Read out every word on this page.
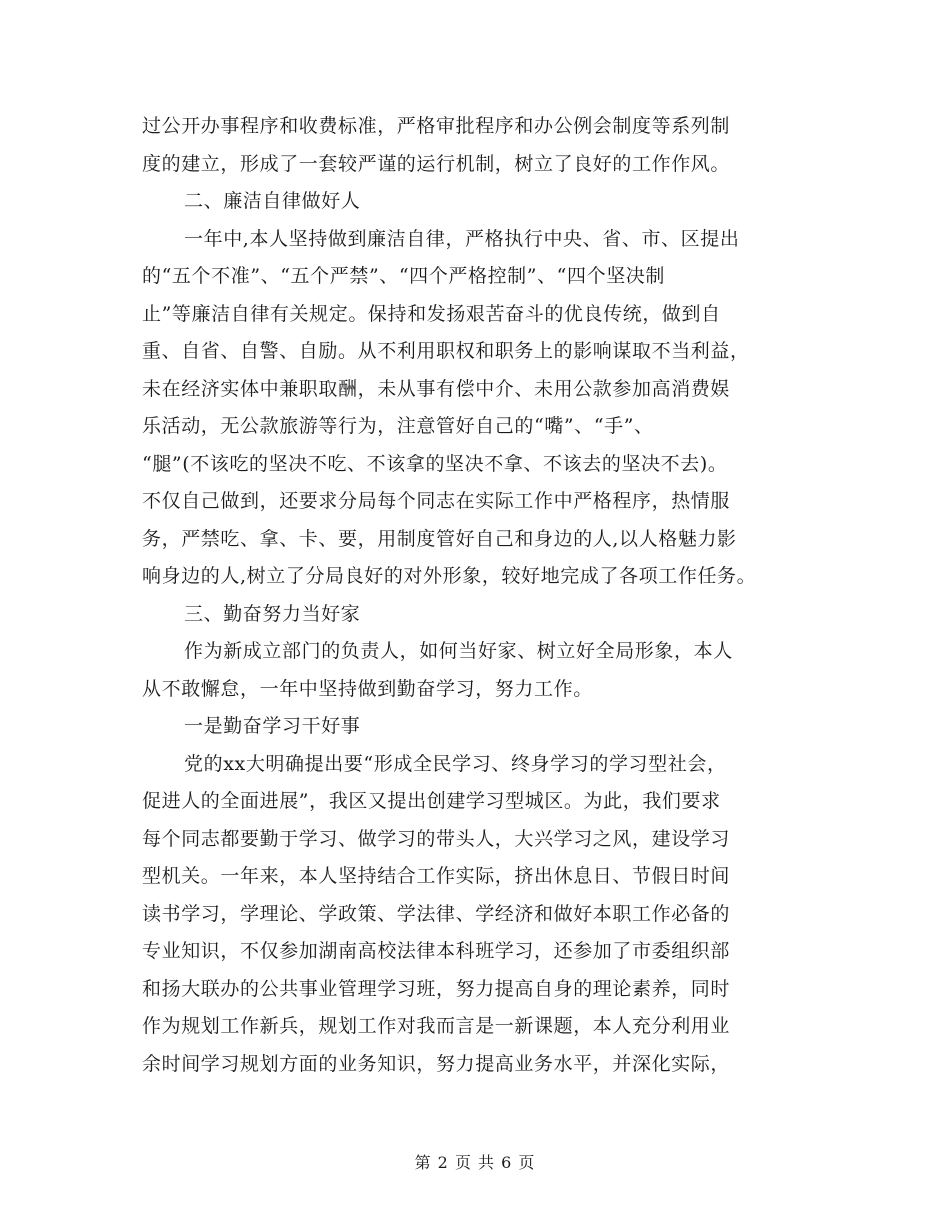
过公开办事程序和收费标准，严格审批程序和办公例会制度等系列制
度的建立，形成了一套较严谨的运行机制，树立了良好的工作作风。
二、廉洁自律做好人
一年中,本人坚持做到廉洁自律，严格执行中央、省、市、区提出
的“五个不准”、“五个严禁”、“四个严格控制”、“四个坚决制
止”等廉洁自律有关规定。保持和发扬艰苦奋斗的优良传统，做到自
重、自省、自警、自励。从不利用职权和职务上的影响谋取不当利益，
未在经济实体中兼职取酬，未从事有偿中介、未用公款参加高消费娱
乐活动，无公款旅游等行为，注意管好自己的“嘴”、“手”、
“腿”(不该吃的坚决不吃、不该拿的坚决不拿、不该去的坚决不去)。
不仅自己做到，还要求分局每个同志在实际工作中严格程序，热情服
务，严禁吃、拿、卡、要，用制度管好自己和身边的人,以人格魅力影
响身边的人,树立了分局良好的对外形象，较好地完成了各项工作任务。
三、勤奋努力当好家
作为新成立部门的负责人，如何当好家、树立好全局形象，本人
从不敢懈怠，一年中坚持做到勤奋学习，努力工作。
一是勤奋学习干好事
党的xx大明确提出要“形成全民学习、终身学习的学习型社会，
促进人的全面进展”，我区又提出创建学习型城区。为此，我们要求
每个同志都要勤于学习、做学习的带头人，大兴学习之风，建设学习
型机关。一年来，本人坚持结合工作实际，挤出休息日、节假日时间
读书学习，学理论、学政策、学法律、学经济和做好本职工作必备的
专业知识，不仅参加湖南高校法律本科班学习，还参加了市委组织部
和扬大联办的公共事业管理学习班，努力提高自身的理论素养，同时
作为规划工作新兵，规划工作对我而言是一新课题，本人充分利用业
余时间学习规划方面的业务知识，努力提高业务水平，并深化实际，
第 2 页 共 6 页
